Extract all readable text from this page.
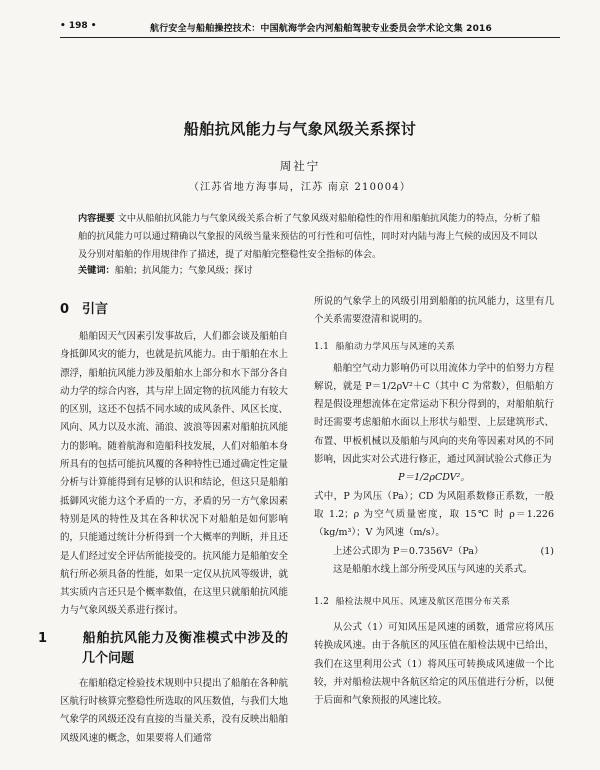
• 198 •	航行安全与船舶操控技术：中国航海学会内河船舶驾驶专业委员会学术论文集 2016
船舶抗风能力与气象风级关系探讨
周社宁
（江苏省地方海事局，江苏 南京 210004）
内容提要 文中从船舶抗风能力与气象风级关系合析了气象风级对船舶稳性的作用和船舶抗风能力的特点，分析了船舶的抗风能力可以通过精确以气象报的风级当量来预估的可行性和可信性，同时对内陆与海上气候的成因及不同以及分别对船舶的作用规律作了描述，提了对船舶完整稳性安全指标的体会。
关键词：船舶；抗风能力；气象风级；探讨
0 引言

船舶因天气因素引发事故后，人们都会谈及船舶自身抵御风灾的能力，也就是抗风能力。由于船舶在水上漂浮，船舶抗风能力涉及船舶水上部分和水下部分各自动力学的综合内容，其与岸上固定物的抗风能力有较大的区别，这还不包括不同水域的成风条件、风区长度、风向、风力以及水流、涌浪、波浪等因素对船舶抗风能力的影响。随着航海和造船科技发展，人们对船舶本身所具有的包括可能抗风覆的各种特性已通过确定性定量分析与计算能得到有足够的认识和结论，但这只是船舶抵御风灾能力这个矛盾的一方，矛盾的另一方气象因素特别是风的特性及其在各种状况下对船舶是如何影响的，只能通过统计分析得到一个大概率的判断，并且还是人们经过安全评估所能接受的。抗风能力是船舶安全航行所必须具备的性能，如果一定仅从抗风等级讲，就其实质内言还只是个概率数值，在这里只就船舶抗风能力与气象风级关系进行探讨。

1	船舶抗风能力及衡准模式中涉及的几个问题

在船舶稳定检验技术规则中只提出了船舶在各种航区航行时核算完整稳性所选取的风压数值，与我们大地气象学的风级还没有直接的当量关系，没有反映出船舶风级风速的概念，如果要将人们通常

所说的气象学上的风级引用到船舶的抗风能力，这里有几个关系需要澄清和说明的。

1.1 船舶动力学风压与风速的关系

船舶空气动力影响仍可以用流体力学中的伯努力方程解说，就是 P＝1/2ρV²＋C（其中 C 为常数），但船舶方程是假设理想流体在定常运动下积分得到的，对船舶航行时还需要考虑船舶水面以上形状与船型、上层建筑形式、布置、甲板机械以及船舶与风向的夹角等因素对风的不同影响，因此实对公式进行修正，通过风洞试验公式修正为

P＝1/2ρCDV²。

式中，P 为风压（Pa）；CD 为风阻系数修正系数，一般取 1.2；ρ 为空气质量密度，取 15℃ 时 ρ＝1.226（kg/m³）；V 为风速（m/s）。

上述公式即为 P＝0.7356V²（Pa）	(1)

这是船舶水线上部分所受风压与风速的关系式。

1.2 船检法规中风压、风速及航区范围分布关系

从公式（1）可知风压是风速的函数，通常应将风压转换成风速。由于各航区的风压值在船检法规中已给出，我们在这里利用公式（1）将风压可转换成风速做一个比较，并对船检法规中各航区给定的风压值进行分析，以便于后面和气象预报的风速比较。
